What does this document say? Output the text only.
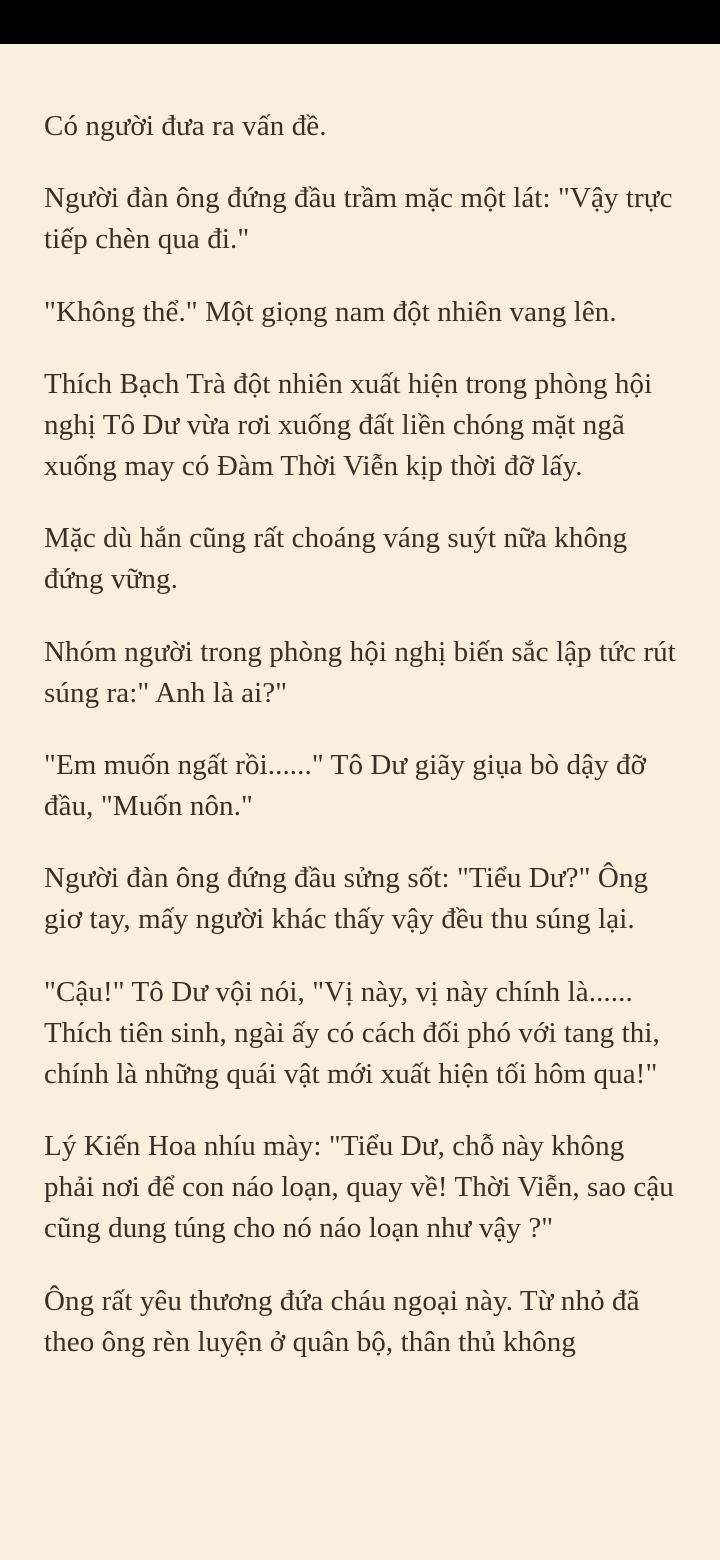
Có người đưa ra vấn đề.

Người đàn ông đứng đầu trầm mặc một lát: "Vậy trực tiếp chèn qua đi."

"Không thể." Một giọng nam đột nhiên vang lên.

Thích Bạch Trà đột nhiên xuất hiện trong phòng hội nghị Tô Dư vừa rơi xuống đất liền chóng mặt ngã xuống may có Đàm Thời Viễn kịp thời đỡ lấy.

Mặc dù hắn cũng rất choáng váng suýt nữa không đứng vững.

Nhóm người trong phòng hội nghị biến sắc lập tức rút súng ra:" Anh là ai?"

"Em muốn ngất rồi......" Tô Dư giãy giụa bò dậy đỡ đầu, "Muốn nôn."

Người đàn ông đứng đầu sửng sốt: "Tiểu Dư?" Ông giơ tay, mấy người khác thấy vậy đều thu súng lại.

"Cậu!" Tô Dư vội nói, "Vị này, vị này chính là...... Thích tiên sinh, ngài ấy có cách đối phó với tang thi, chính là những quái vật mới xuất hiện tối hôm qua!"

Lý Kiến Hoa nhíu mày: "Tiểu Dư, chỗ này không phải nơi để con náo loạn, quay về! Thời Viễn, sao cậu cũng dung túng cho nó náo loạn như vậy ?"

Ông rất yêu thương đứa cháu ngoại này. Từ nhỏ đã theo ông rèn luyện ở quân bộ, thân thủ không
